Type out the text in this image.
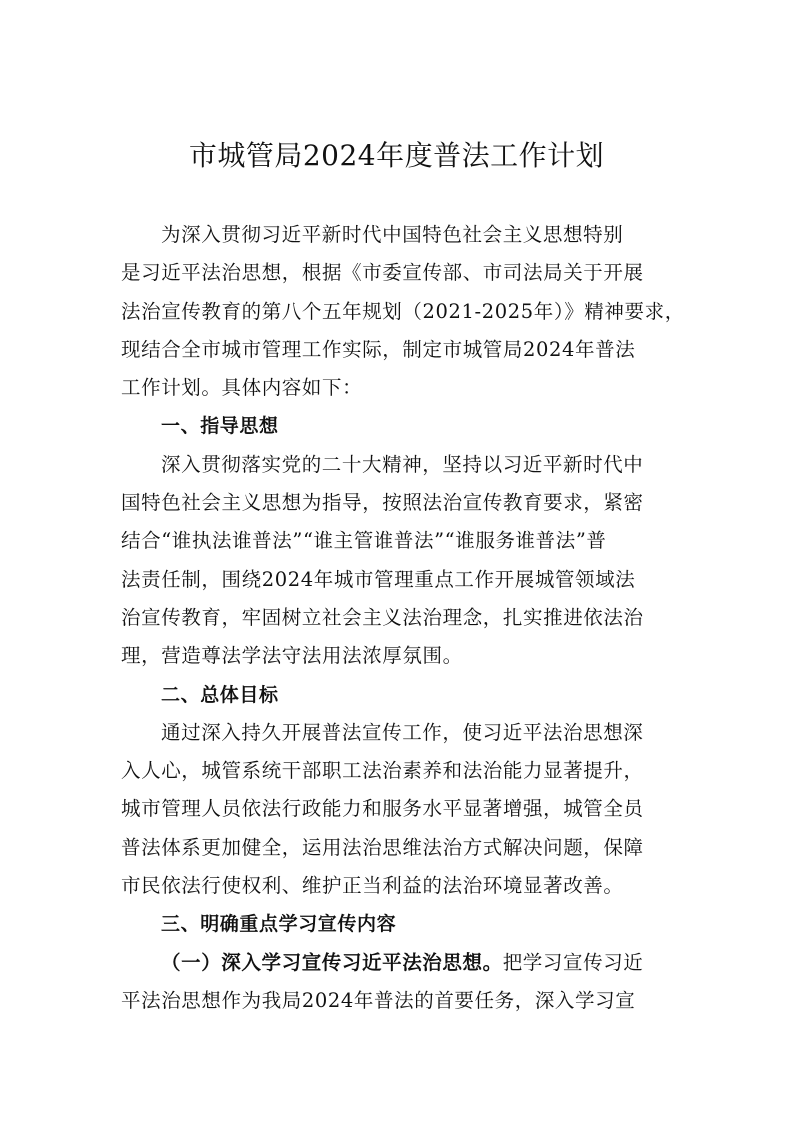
市城管局2024年度普法工作计划

为深入贯彻习近平新时代中国特色社会主义思想特别
是习近平法治思想，根据《市委宣传部、市司法局关于开展
法治宣传教育的第八个五年规划（2021-2025年）》精神要求，
现结合全市城市管理工作实际，制定市城管局2024年普法
工作计划。具体内容如下：

一、指导思想

深入贯彻落实党的二十大精神，坚持以习近平新时代中
国特色社会主义思想为指导，按照法治宣传教育要求，紧密
结合“谁执法谁普法”“谁主管谁普法”“谁服务谁普法”普
法责任制，围绕2024年城市管理重点工作开展城管领域法
治宣传教育，牢固树立社会主义法治理念，扎实推进依法治
理，营造尊法学法守法用法浓厚氛围。

二、总体目标

通过深入持久开展普法宣传工作，使习近平法治思想深
入人心，城管系统干部职工法治素养和法治能力显著提升，
城市管理人员依法行政能力和服务水平显著增强，城管全员
普法体系更加健全，运用法治思维法治方式解决问题，保障
市民依法行使权利、维护正当利益的法治环境显著改善。

三、明确重点学习宣传内容

（一）深入学习宣传习近平法治思想。把学习宣传习近
平法治思想作为我局2024年普法的首要任务，深入学习宣
